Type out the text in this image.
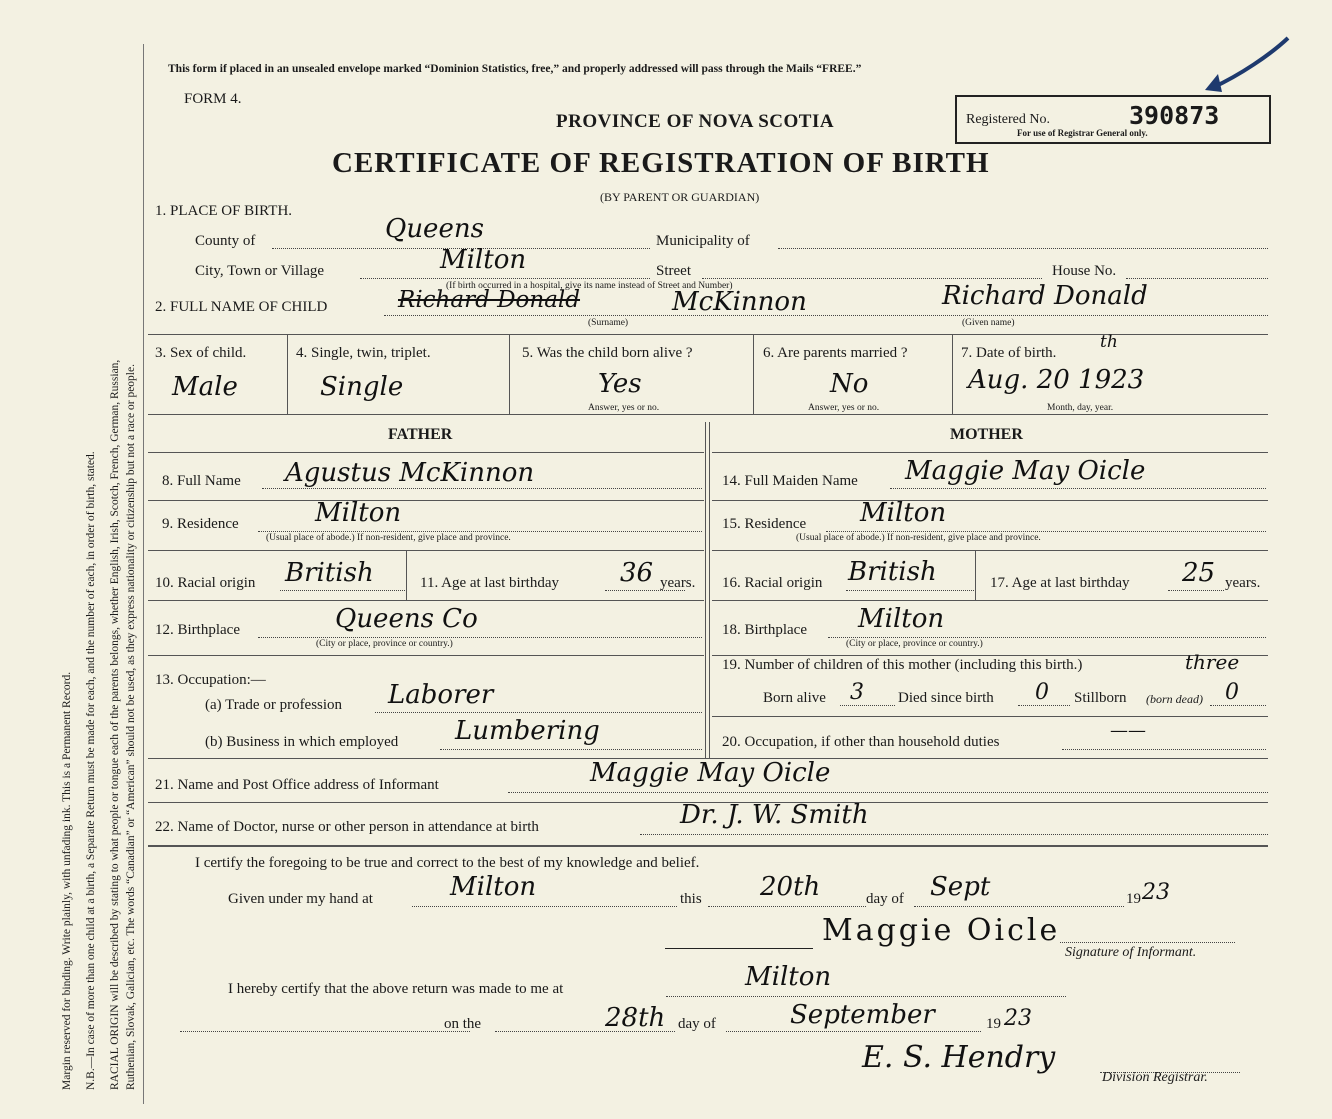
Margin reserved for binding. Write plainly, with unfading ink. This is a Permanent Record. N.B.—In case of more than one child at a birth, a Separate Return must be made for each, and the number of each, in order of birth, stated. RACIAL ORIGIN will be described by stating to what people or tongue each of the parents belongs, whether English, Irish, Scotch, French, German, Russian, Ruthenian, Slovak, Galician, etc. The words “Canadian” or “American” should not be used, as they express nationality or citizenship but not a race or people.
This form if placed in an unsealed envelope marked “Dominion Statistics, free,” and properly addressed will pass through the Mails “FREE.”
FORM 4.
PROVINCE OF NOVA SCOTIA
CERTIFICATE OF REGISTRATION OF BIRTH
(BY PARENT OR GUARDIAN)
Registered No.	390873
For use of Registrar General only.
1. PLACE OF BIRTH.
County of	Queens	Municipality of
City, Town or Village	Milton	Street
(If birth occurred in a hospital, give its name instead of Street and Number)
House No.
2. FULL NAME OF CHILD	Richard Donald	McKinnon
(Surname)
Richard Donald
(Given name)
3. Sex of child.
Male
4. Single, twin, triplet.
Single
5. Was the child born alive ?
Yes
Answer, yes or no.
6. Are parents married ?
No
Answer, yes or no.
7. Date of birth.
th
Aug. 20 1923
Month, day, year.
FATHER	MOTHER
8. Full Name Agustus McKinnon
9. Residence	Milton
(Usual place of abode.) If non-resident, give place and province.
10. Racial origin British	11. Age at last birthday 36 years.
12. Birthplace	Queens Co
(City or place, province or country.)
13. Occupation:—
(a) Trade or profession Laborer
(b) Business in which employed Lumbering
14. Full Maiden Name Maggie May Oicle
15. Residence Milton
(Usual place of abode.) If non-resident, give place and province.
16. Racial origin British	17. Age at last birthday 25 years.
18. Birthplace Milton
(City or place, province or country.)
19. Number of children of this mother (including this birth.)	three
Born alive 3 Died since birth 0 Stillborn (born dead) 0
20. Occupation, if other than household duties
——
21. Name and Post Office address of Informant	Maggie May Oicle
22. Name of Doctor, nurse or other person in attendance at birth	Dr. J. W. Smith
I certify the foregoing to be true and correct to the best of my knowledge and belief.
Given under my hand at	Milton	this 20th	day of Sept	19 23
Maggie Oicle
Signature of Informant.
I hereby certify that the above return was made to me at	Milton
on the	28th day of	September	19 23
E. S. Hendry
Division Registrar.
